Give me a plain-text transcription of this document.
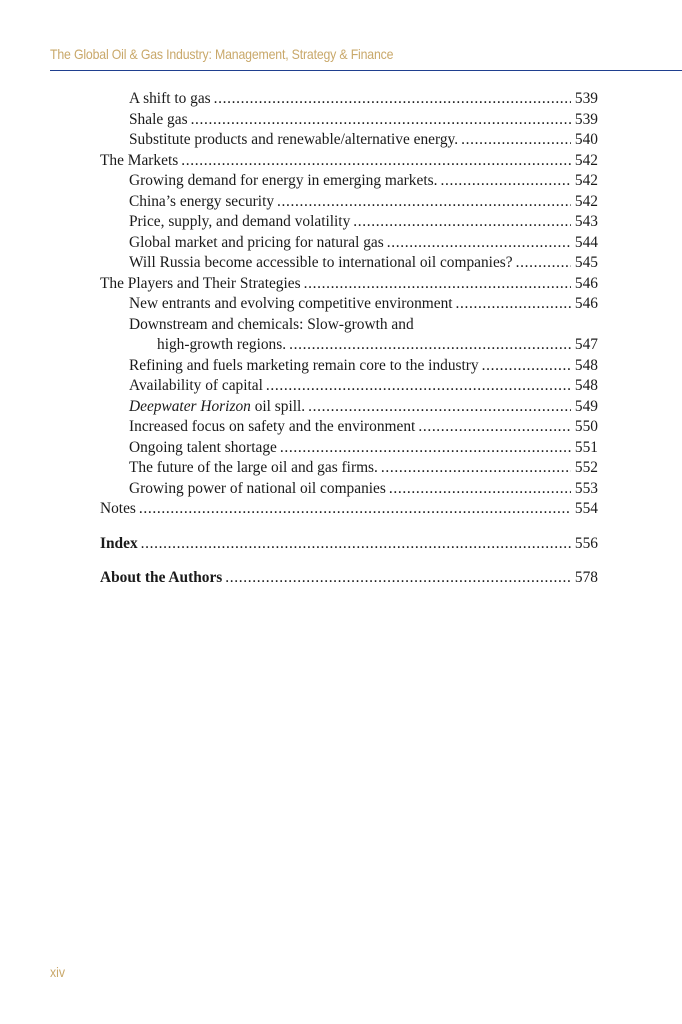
The Global Oil & Gas Industry: Management, Strategy & Finance
A shift to gas . . .	539
Shale gas . . .	539
Substitute products and renewable/alternative energy. . . .	540
The Markets . . .	542
Growing demand for energy in emerging markets. . . .	542
China’s energy security . . .	542
Price, supply, and demand volatility . . .	543
Global market and pricing for natural gas . . .	544
Will Russia become accessible to international oil companies? . . .	545
The Players and Their Strategies . . .	546
New entrants and evolving competitive environment . . .	546
Downstream and chemicals: Slow-growth and
high-growth regions. . . .	547
Refining and fuels marketing remain core to the industry . . .	548
Availability of capital . . .	548
Deepwater Horizon oil spill. . . .	549
Increased focus on safety and the environment . . .	550
Ongoing talent shortage . . .	551
The future of the large oil and gas firms. . . .	552
Growing power of national oil companies . . .	553
Notes . . .	554
Index . . .	556
About the Authors . . .	578
xiv
